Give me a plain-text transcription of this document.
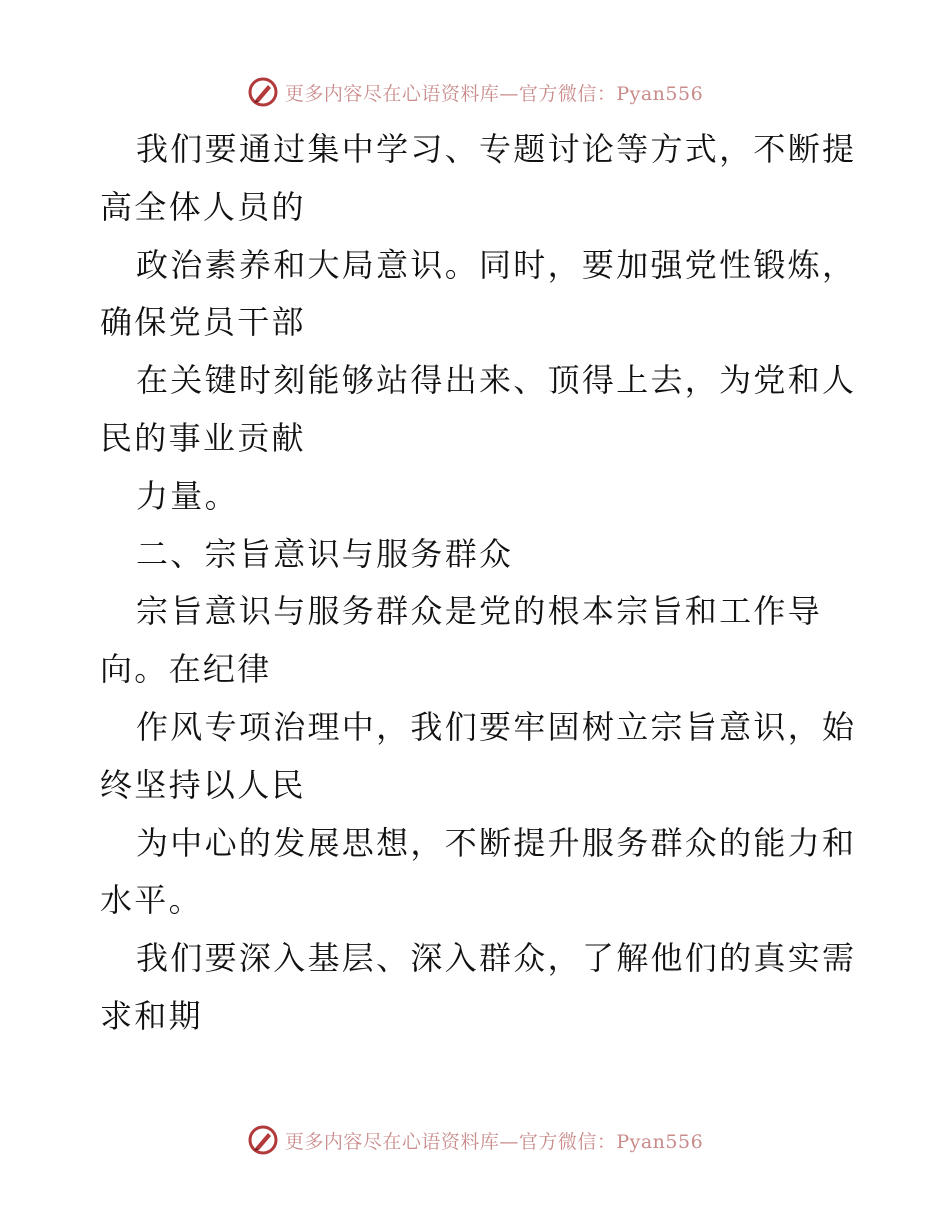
更多内容尽在心语资料库—官方微信：Pyan556
我们要通过集中学习、专题讨论等方式，不断提
高全体人员的
政治素养和大局意识。同时，要加强党性锻炼，
确保党员干部
在关键时刻能够站得出来、顶得上去，为党和人
民的事业贡献
力量。
二、宗旨意识与服务群众
宗旨意识与服务群众是党的根本宗旨和工作导
向。在纪律
作风专项治理中，我们要牢固树立宗旨意识，始
终坚持以人民
为中心的发展思想，不断提升服务群众的能力和
水平。
我们要深入基层、深入群众，了解他们的真实需
求和期
更多内容尽在心语资料库—官方微信：Pyan556
